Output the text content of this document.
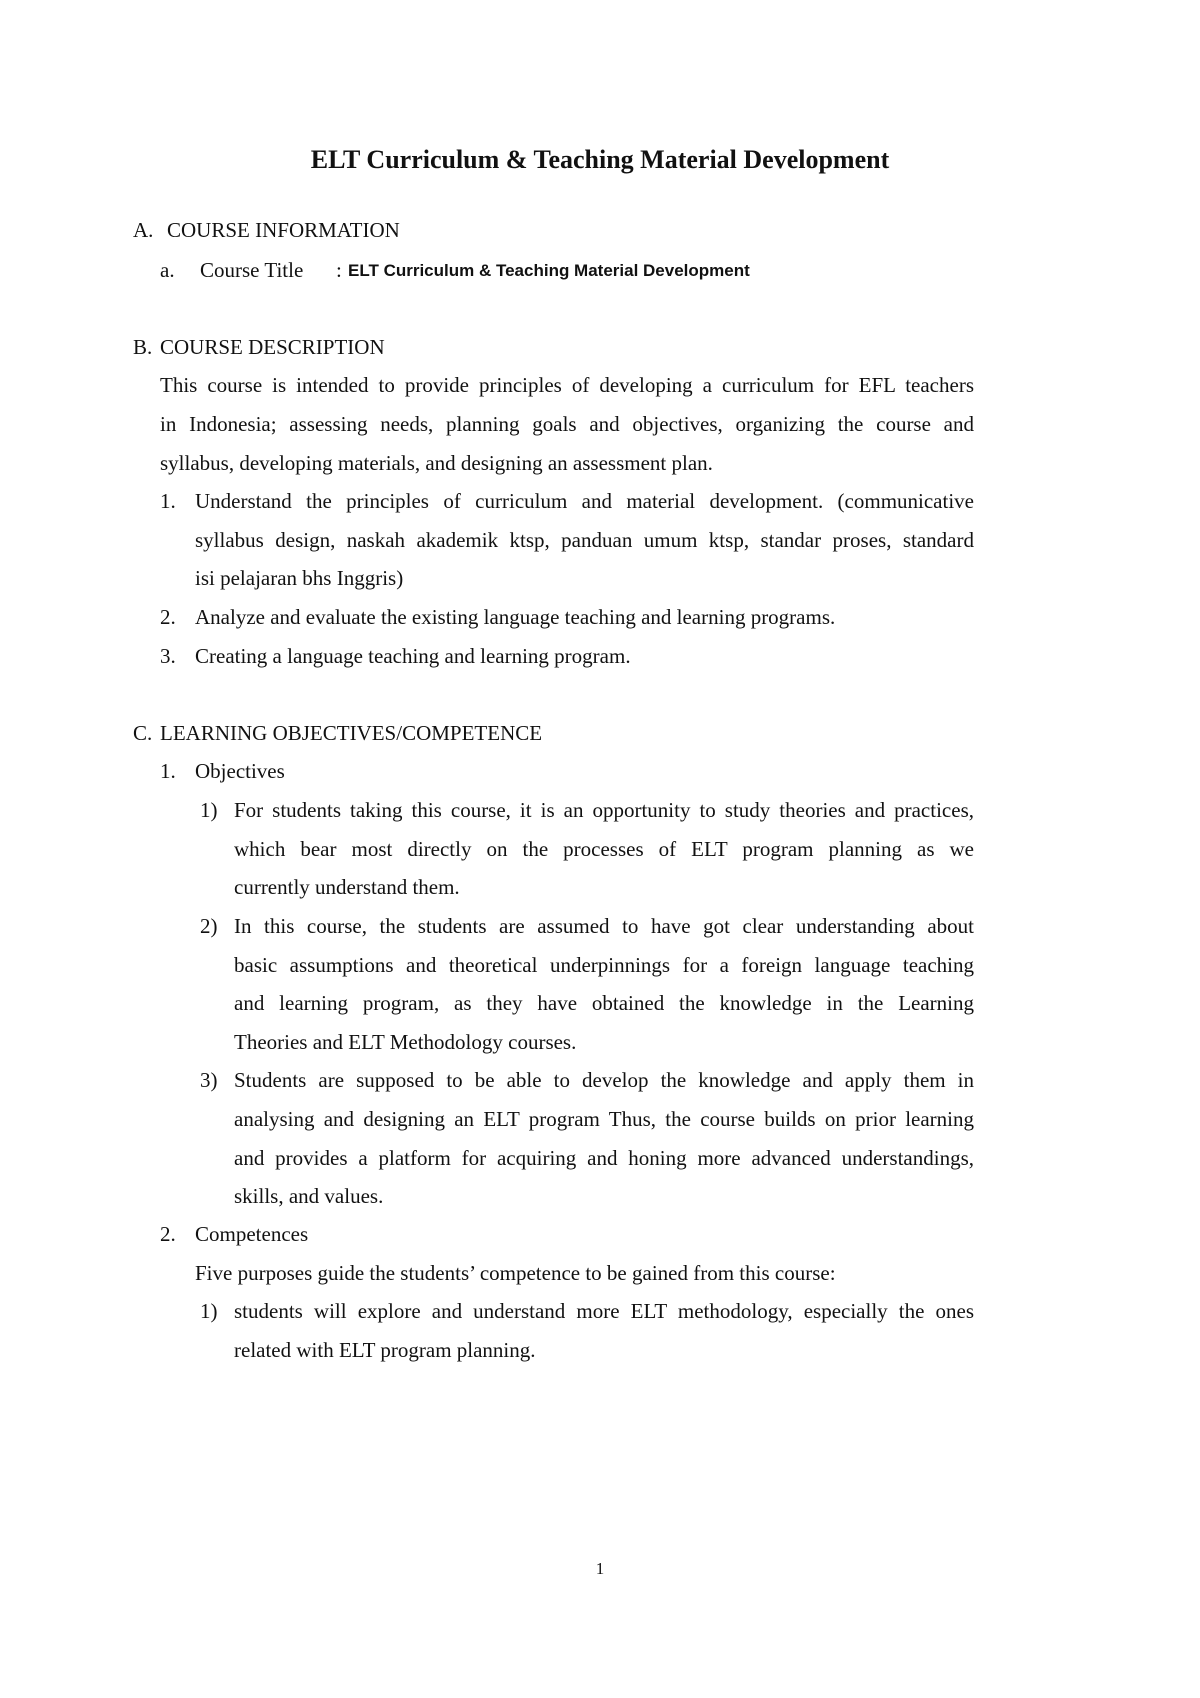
ELT Curriculum & Teaching Material Development
A. COURSE INFORMATION
a. Course Title : ELT Curriculum & Teaching Material Development
B. COURSE DESCRIPTION
This course is intended to provide principles of developing a curriculum for EFL teachers
in Indonesia; assessing needs, planning goals and objectives, organizing the course and
syllabus, developing materials, and designing an assessment plan.
1. Understand the principles of curriculum and material development. (communicative
syllabus design, naskah akademik ktsp, panduan umum ktsp, standar proses, standard
isi pelajaran bhs Inggris)
2. Analyze and evaluate the existing language teaching and learning programs.
3. Creating a language teaching and learning program.
C. LEARNING OBJECTIVES/COMPETENCE
1. Objectives
1) For students taking this course, it is an opportunity to study theories and practices,
which bear most directly on the processes of ELT program planning as we
currently understand them.
2) In this course, the students are assumed to have got clear understanding about
basic assumptions and theoretical underpinnings for a foreign language teaching
and learning program, as they have obtained the knowledge in the Learning
Theories and ELT Methodology courses.
3) Students are supposed to be able to develop the knowledge and apply them in
analysing and designing an ELT program Thus, the course builds on prior learning
and provides a platform for acquiring and honing more advanced understandings,
skills, and values.
2. Competences
Five purposes guide the students’ competence to be gained from this course:
1) students will explore and understand more ELT methodology, especially the ones
related with ELT program planning.
1
